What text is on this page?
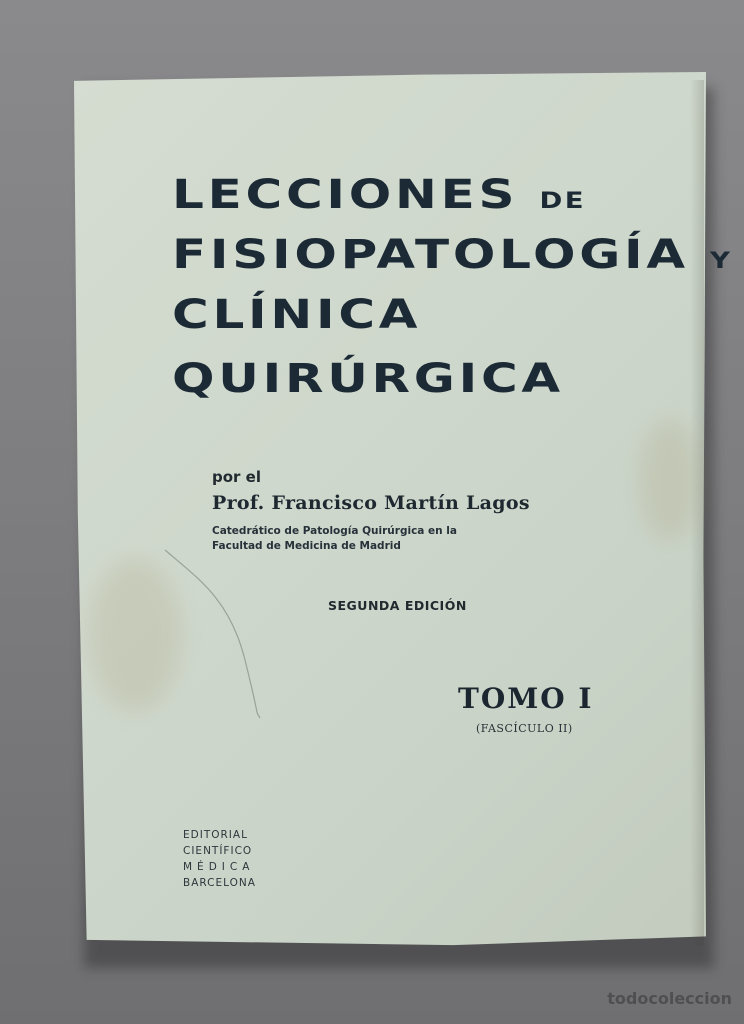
LECCIONES DE
FISIOPATOLOGÍA Y
CLÍNICA
QUIRÚRGICA
por el
Prof. Francisco Martín Lagos
Catedrático de Patología Quirúrgica en la
Facultad de Medicina de Madrid
SEGUNDA EDICIÓN
TOMO I
(FASCÍCULO II)
EDITORIAL
CIENTÍFICO
MÉDICA
BARCELONA
todocoleccion
